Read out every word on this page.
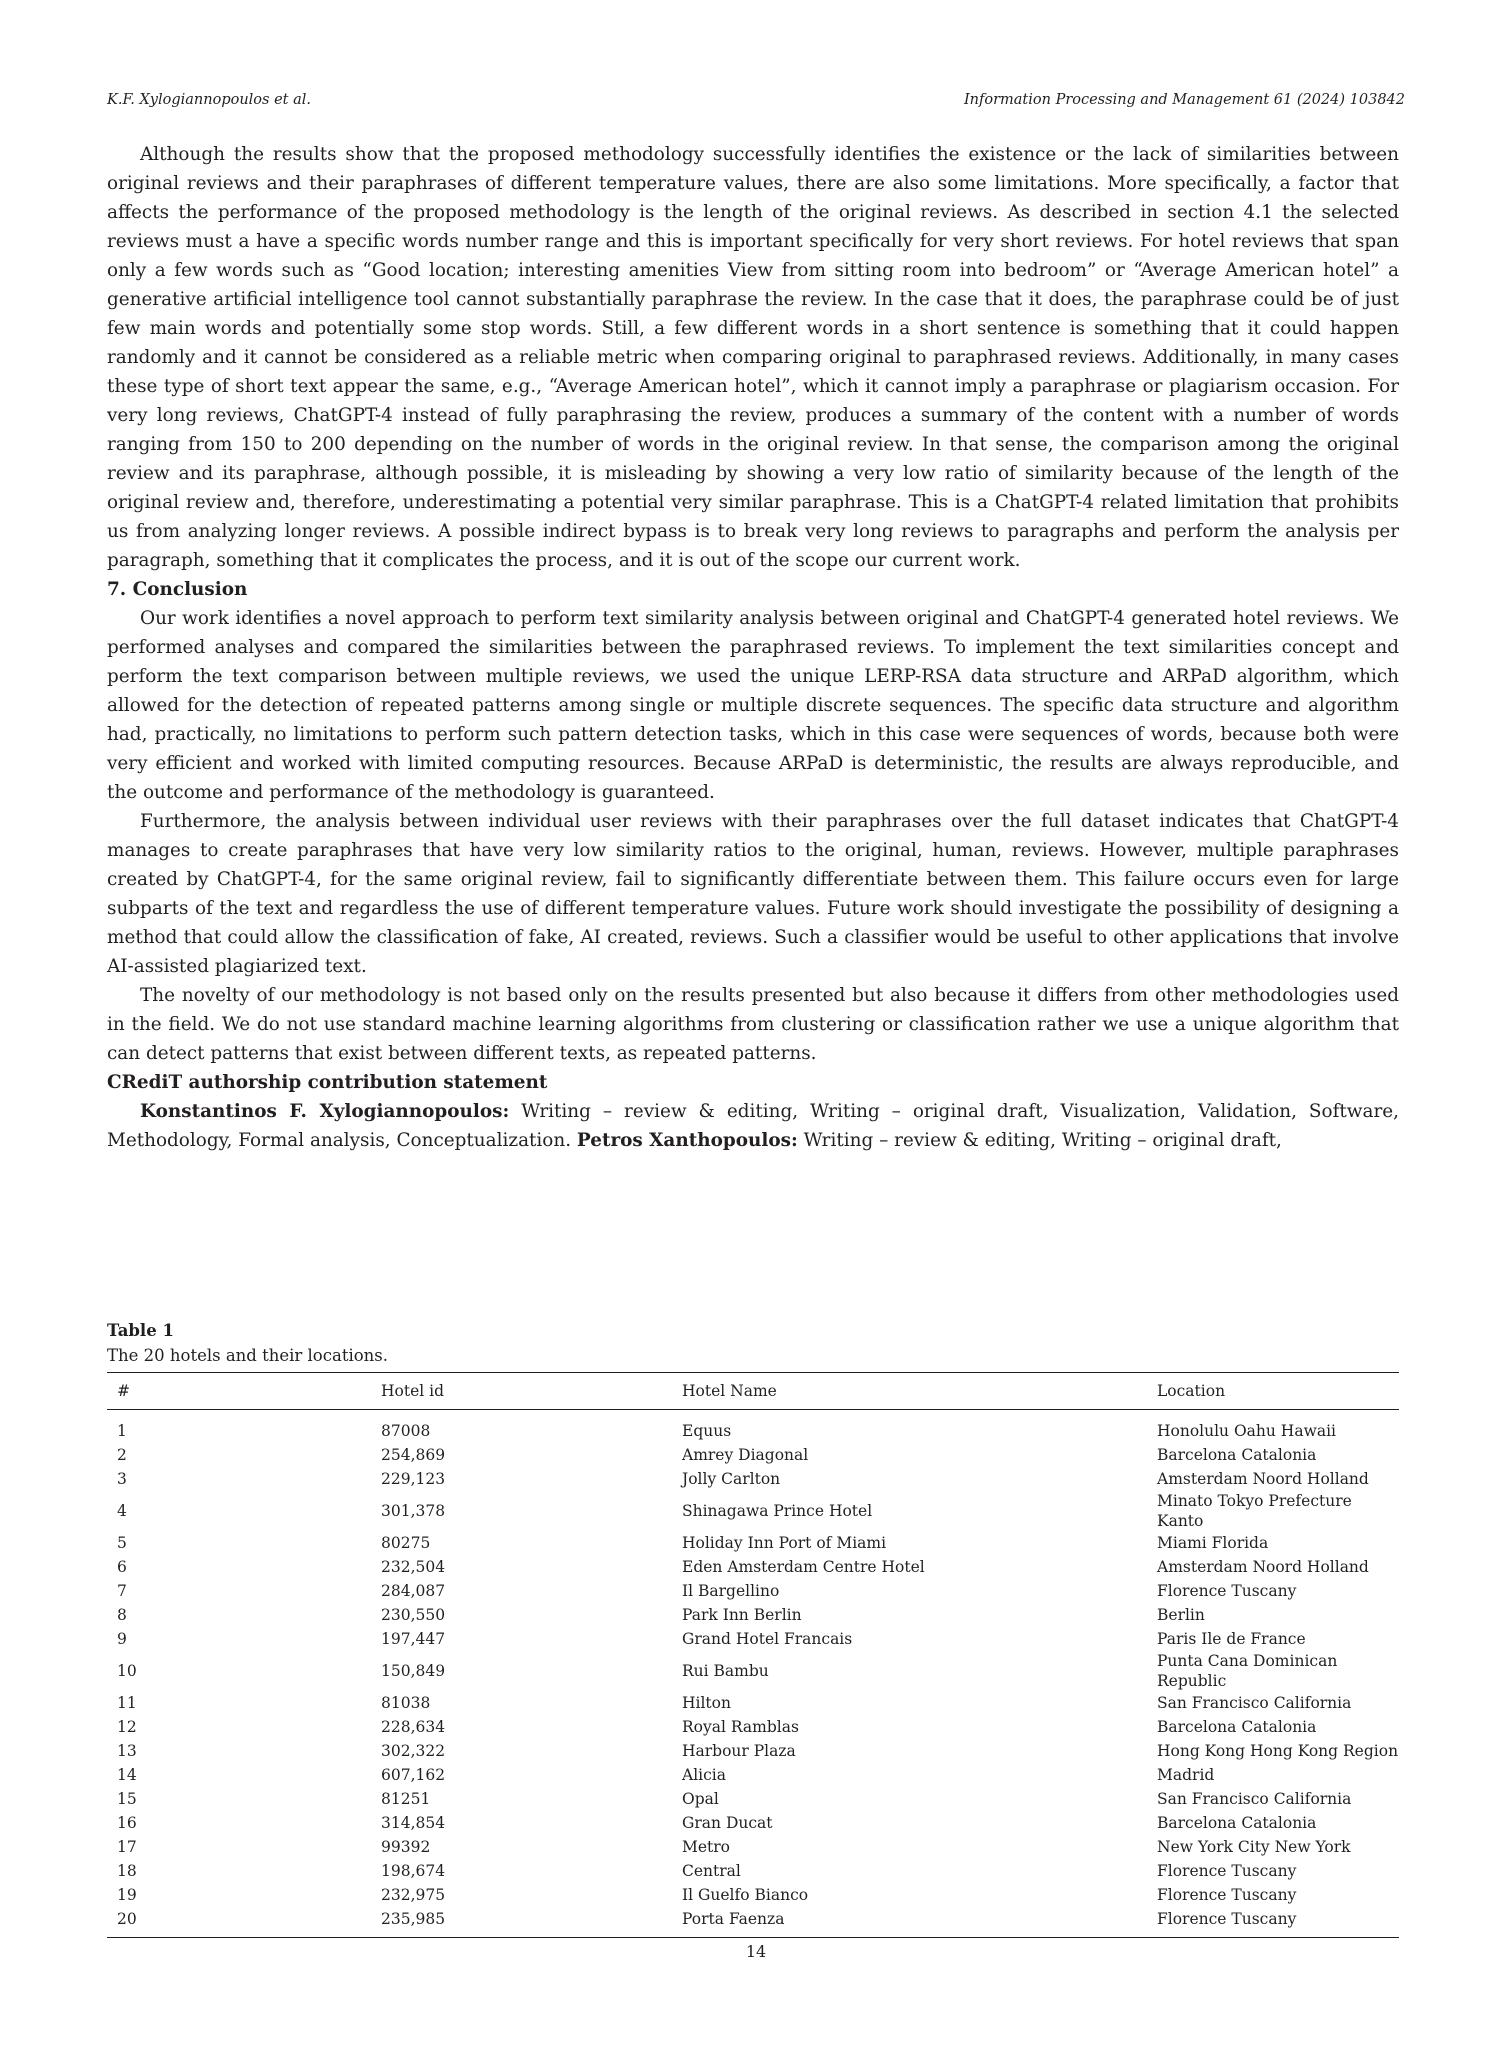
K.F. Xylogiannopoulos et al.	Information Processing and Management 61 (2024) 103842

Although the results show that the proposed methodology successfully identifies the existence or the lack of similarities between original reviews and their paraphrases of different temperature values, there are also some limitations. More specifically, a factor that affects the performance of the proposed methodology is the length of the original reviews. As described in section 4.1 the selected reviews must a have a specific words number range and this is important specifically for very short reviews. For hotel reviews that span only a few words such as “Good location; interesting amenities View from sitting room into bedroom” or “Average American hotel” a generative artificial intelligence tool cannot substantially paraphrase the review. In the case that it does, the paraphrase could be of just few main words and potentially some stop words. Still, a few different words in a short sentence is something that it could happen randomly and it cannot be considered as a reliable metric when comparing original to paraphrased reviews. Additionally, in many cases these type of short text appear the same, e.g., “Average American hotel”, which it cannot imply a paraphrase or plagiarism occasion. For very long reviews, ChatGPT-4 instead of fully paraphrasing the review, produces a summary of the content with a number of words ranging from 150 to 200 depending on the number of words in the original review. In that sense, the comparison among the original review and its paraphrase, although possible, it is misleading by showing a very low ratio of similarity because of the length of the original review and, therefore, underestimating a potential very similar paraphrase. This is a ChatGPT-4 related limitation that prohibits us from analyzing longer reviews. A possible indirect bypass is to break very long reviews to paragraphs and perform the analysis per paragraph, something that it complicates the process, and it is out of the scope our current work.

7. Conclusion

Our work identifies a novel approach to perform text similarity analysis between original and ChatGPT-4 generated hotel reviews. We performed analyses and compared the similarities between the paraphrased reviews. To implement the text similarities concept and perform the text comparison between multiple reviews, we used the unique LERP-RSA data structure and ARPaD algorithm, which allowed for the detection of repeated patterns among single or multiple discrete sequences. The specific data structure and algorithm had, practically, no limitations to perform such pattern detection tasks, which in this case were sequences of words, because both were very efficient and worked with limited computing resources. Because ARPaD is deterministic, the results are always reproducible, and the outcome and performance of the methodology is guaranteed.

Furthermore, the analysis between individual user reviews with their paraphrases over the full dataset indicates that ChatGPT-4 manages to create paraphrases that have very low similarity ratios to the original, human, reviews. However, multiple paraphrases created by ChatGPT-4, for the same original review, fail to significantly differentiate between them. This failure occurs even for large subparts of the text and regardless the use of different temperature values. Future work should investigate the possibility of designing a method that could allow the classification of fake, AI created, reviews. Such a classifier would be useful to other applications that involve AI-assisted plagiarized text.

The novelty of our methodology is not based only on the results presented but also because it differs from other methodologies used in the field. We do not use standard machine learning algorithms from clustering or classification rather we use a unique algorithm that can detect patterns that exist between different texts, as repeated patterns.

CRediT authorship contribution statement

Konstantinos F. Xylogiannopoulos: Writing – review & editing, Writing – original draft, Visualization, Validation, Software, Methodology, Formal analysis, Conceptualization. Petros Xanthopoulos: Writing – review & editing, Writing – original draft,

Table 1
The 20 hotels and their locations.
#	Hotel id	Hotel Name	Location
1	87008	Equus	Honolulu Oahu Hawaii
2	254,869	Amrey Diagonal	Barcelona Catalonia
3	229,123	Jolly Carlton	Amsterdam Noord Holland
4	301,378	Shinagawa Prince Hotel	Minato Tokyo Prefecture Kanto
5	80275	Holiday Inn Port of Miami	Miami Florida
6	232,504	Eden Amsterdam Centre Hotel	Amsterdam Noord Holland
7	284,087	Il Bargellino	Florence Tuscany
8	230,550	Park Inn Berlin	Berlin
9	197,447	Grand Hotel Francais	Paris Ile de France
10	150,849	Rui Bambu	Punta Cana Dominican Republic
11	81038	Hilton	San Francisco California
12	228,634	Royal Ramblas	Barcelona Catalonia
13	302,322	Harbour Plaza	Hong Kong Hong Kong Region
14	607,162	Alicia	Madrid
15	81251	Opal	San Francisco California
16	314,854	Gran Ducat	Barcelona Catalonia
17	99392	Metro	New York City New York
18	198,674	Central	Florence Tuscany
19	232,975	Il Guelfo Bianco	Florence Tuscany
20	235,985	Porta Faenza	Florence Tuscany
14
